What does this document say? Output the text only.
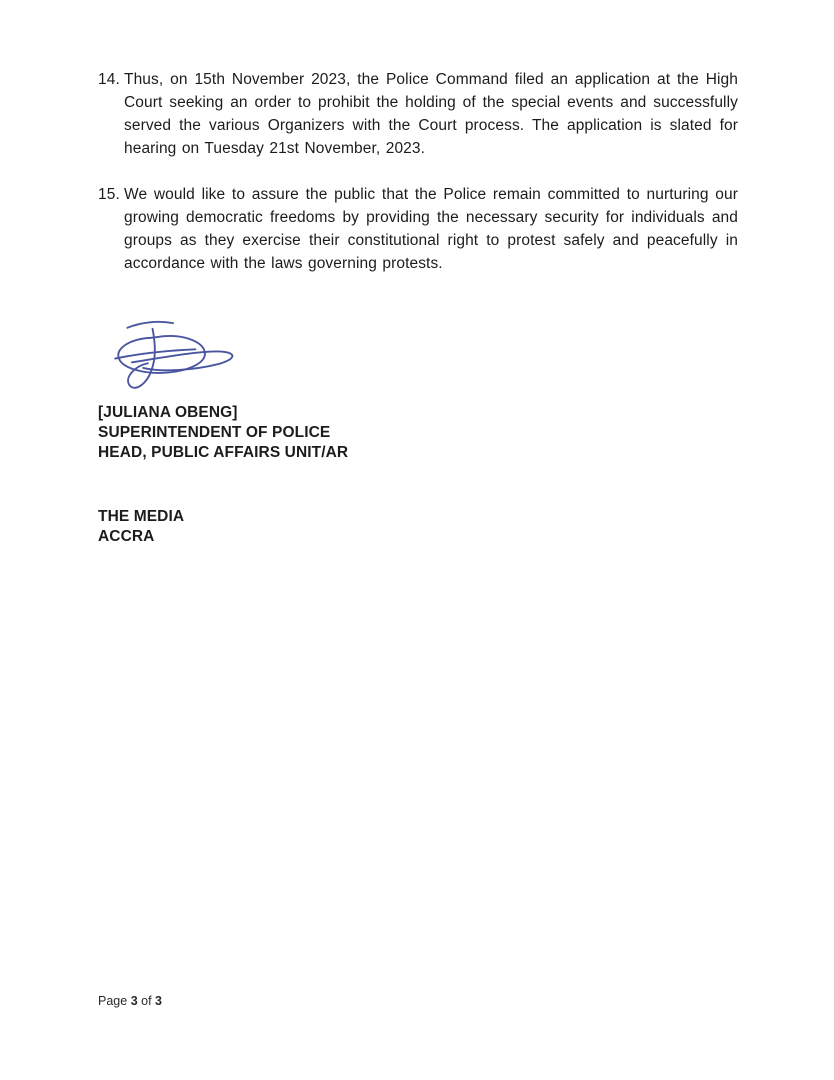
14. Thus, on 15th November 2023, the Police Command filed an application at the High Court seeking an order to prohibit the holding of the special events and successfully served the various Organizers with the Court process. The application is slated for hearing on Tuesday 21st November, 2023.
15. We would like to assure the public that the Police remain committed to nurturing our growing democratic freedoms by providing the necessary security for individuals and groups as they exercise their constitutional right to protest safely and peacefully in accordance with the laws governing protests.
[JULIANA OBENG]
SUPERINTENDENT OF POLICE
HEAD, PUBLIC AFFAIRS UNIT/AR
THE MEDIA
ACCRA
Page 3 of 3
